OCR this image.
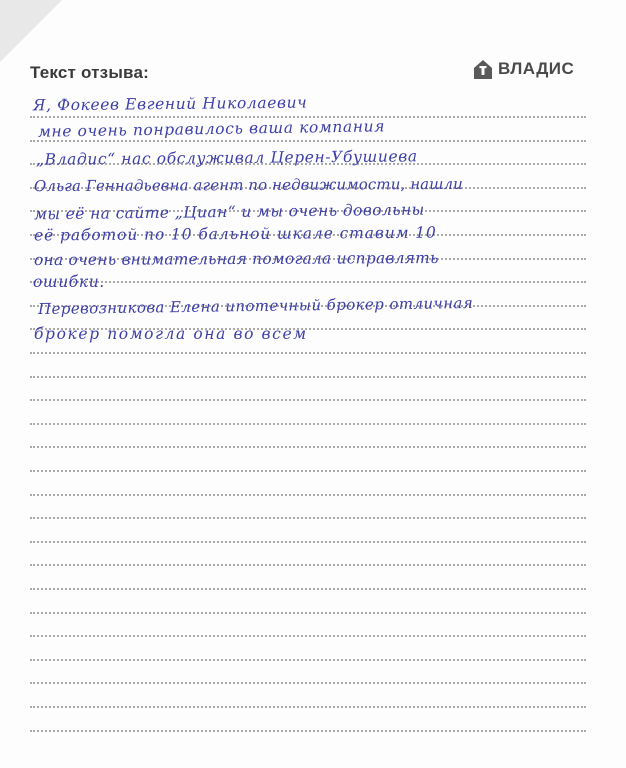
Текст отзыва:	ВЛАДИС
Я, Фокеев Евгений Николаевич
мне очень понравилось ваша компания
„Владис“ нас обслуживал Церен-Убушиева
Ольга Геннадьевна агент по недвижимости, нашли
мы её на сайте „Циан“ и мы очень довольны
её работой по 10 бальной шкале ставим 10
она очень внимательная помогала исправлять
ошибки.
Перевозникова Елена ипотечный брокер отличная
брокер помогла она во всем
